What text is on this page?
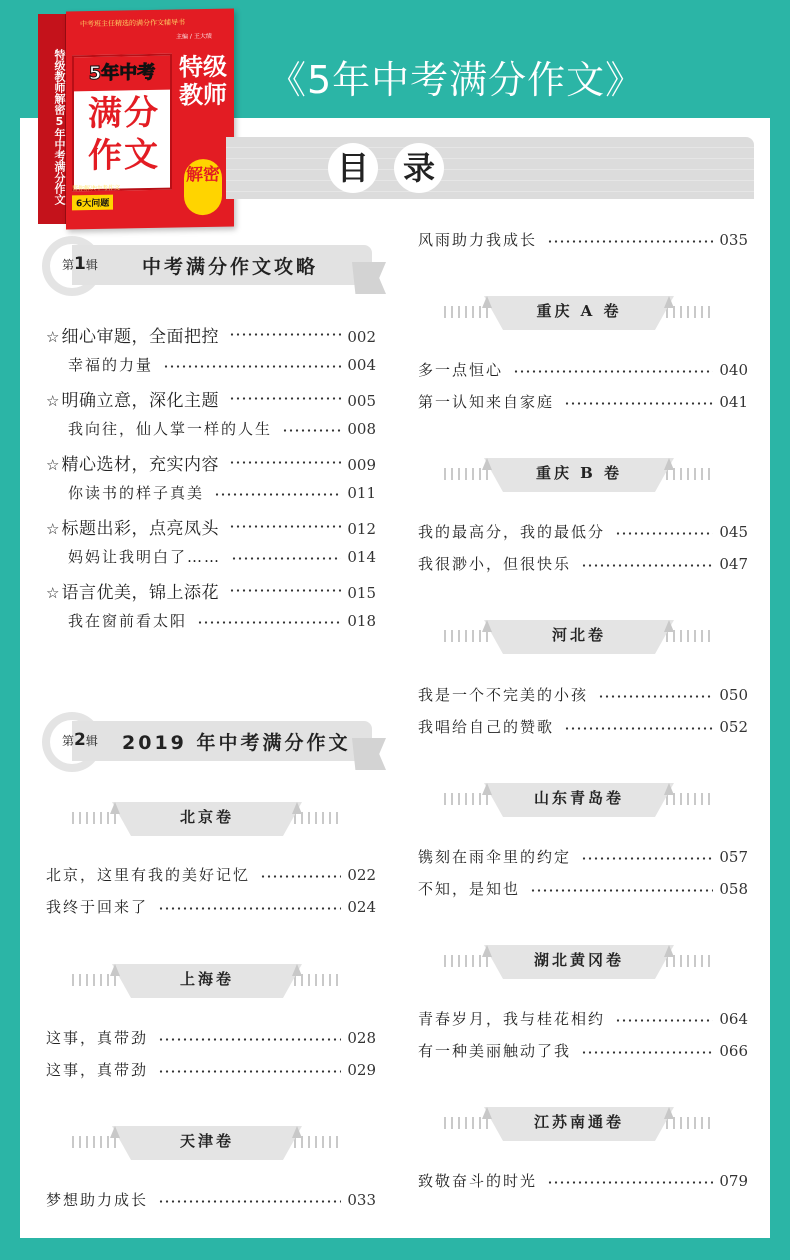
特级教师解密5年中考满分作文
中考班主任精选的满分作文辅导书
主编 / 王大绩
5年中考
满分作文
特级教师
解密
帮你解决中考作文
6大问题
《5年中考满分作文》
目 录
第1辑 中考满分作文攻略
☆ 细心审题，全面把控	002
幸福的力量	004
☆ 明确立意，深化主题	005
我向往，仙人掌一样的人生	008
☆ 精心选材，充实内容	009
你读书的样子真美	011
☆ 标题出彩，点亮凤头	012
妈妈让我明白了……	014
☆ 语言优美，锦上添花	015
我在窗前看太阳	018
第2辑 2019 年中考满分作文
北京卷
北京，这里有我的美好记忆	022
我终于回来了	024
上海卷
这事，真带劲	028
这事，真带劲	029
天津卷
梦想助力成长	033
风雨助力我成长	035
重庆 A 卷
多一点恒心	040
第一认知来自家庭	041
重庆 B 卷
我的最高分，我的最低分	045
我很渺小，但很快乐	047
河北卷
我是一个不完美的小孩	050
我唱给自己的赞歌	052
山东青岛卷
镌刻在雨伞里的约定	057
不知，是知也	058
湖北黄冈卷
青春岁月，我与桂花相约	064
有一种美丽触动了我	066
江苏南通卷
致敬奋斗的时光	079
